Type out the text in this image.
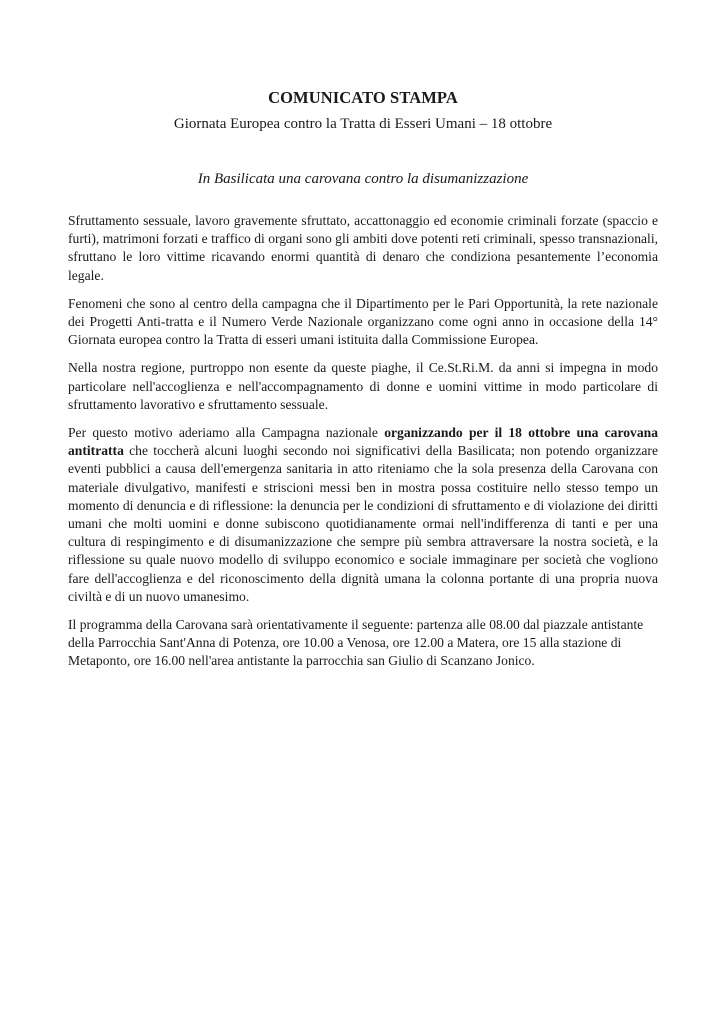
COMUNICATO STAMPA
Giornata Europea contro la Tratta di Esseri Umani – 18 ottobre
In Basilicata una carovana contro la disumanizzazione

Sfruttamento sessuale, lavoro gravemente sfruttato, accattonaggio ed economie criminali forzate (spaccio e furti), matrimoni forzati e traffico di organi sono gli ambiti dove potenti reti criminali, spesso transnazionali, sfruttano le loro vittime ricavando enormi quantità di denaro che condiziona pesantemente l’economia legale.

Fenomeni che sono al centro della campagna che il Dipartimento per le Pari Opportunità, la rete nazionale dei Progetti Anti-tratta e il Numero Verde Nazionale organizzano come ogni anno in occasione della 14° Giornata europea contro la Tratta di esseri umani istituita dalla Commissione Europea.

Nella nostra regione, purtroppo non esente da queste piaghe, il Ce.St.Ri.M. da anni si impegna in modo particolare nell'accoglienza e nell'accompagnamento di donne e uomini vittime in modo particolare di sfruttamento lavorativo e sfruttamento sessuale.

Per questo motivo aderiamo alla Campagna nazionale organizzando per il 18 ottobre una carovana antitratta che toccherà alcuni luoghi secondo noi significativi della Basilicata; non potendo organizzare eventi pubblici a causa dell'emergenza sanitaria in atto riteniamo che la sola presenza della Carovana con materiale divulgativo, manifesti e striscioni messi ben in mostra possa costituire nello stesso tempo un momento di denuncia e di riflessione: la denuncia per le condizioni di sfruttamento e di violazione dei diritti umani che molti uomini e donne subiscono quotidianamente ormai nell'indifferenza di tanti e per una cultura di respingimento e di disumanizzazione che sempre più sembra attraversare la nostra società, e la riflessione su quale nuovo modello di sviluppo economico e sociale immaginare per società che vogliono fare dell'accoglienza e del riconoscimento della dignità umana la colonna portante di una propria nuova civiltà e di un nuovo umanesimo.

Il programma della Carovana sarà orientativamente il seguente: partenza alle 08.00 dal piazzale antistante della Parrocchia Sant'Anna di Potenza, ore 10.00 a Venosa, ore 12.00 a Matera, ore 15 alla stazione di Metaponto, ore 16.00 nell'area antistante la parrocchia san Giulio di Scanzano Jonico.
